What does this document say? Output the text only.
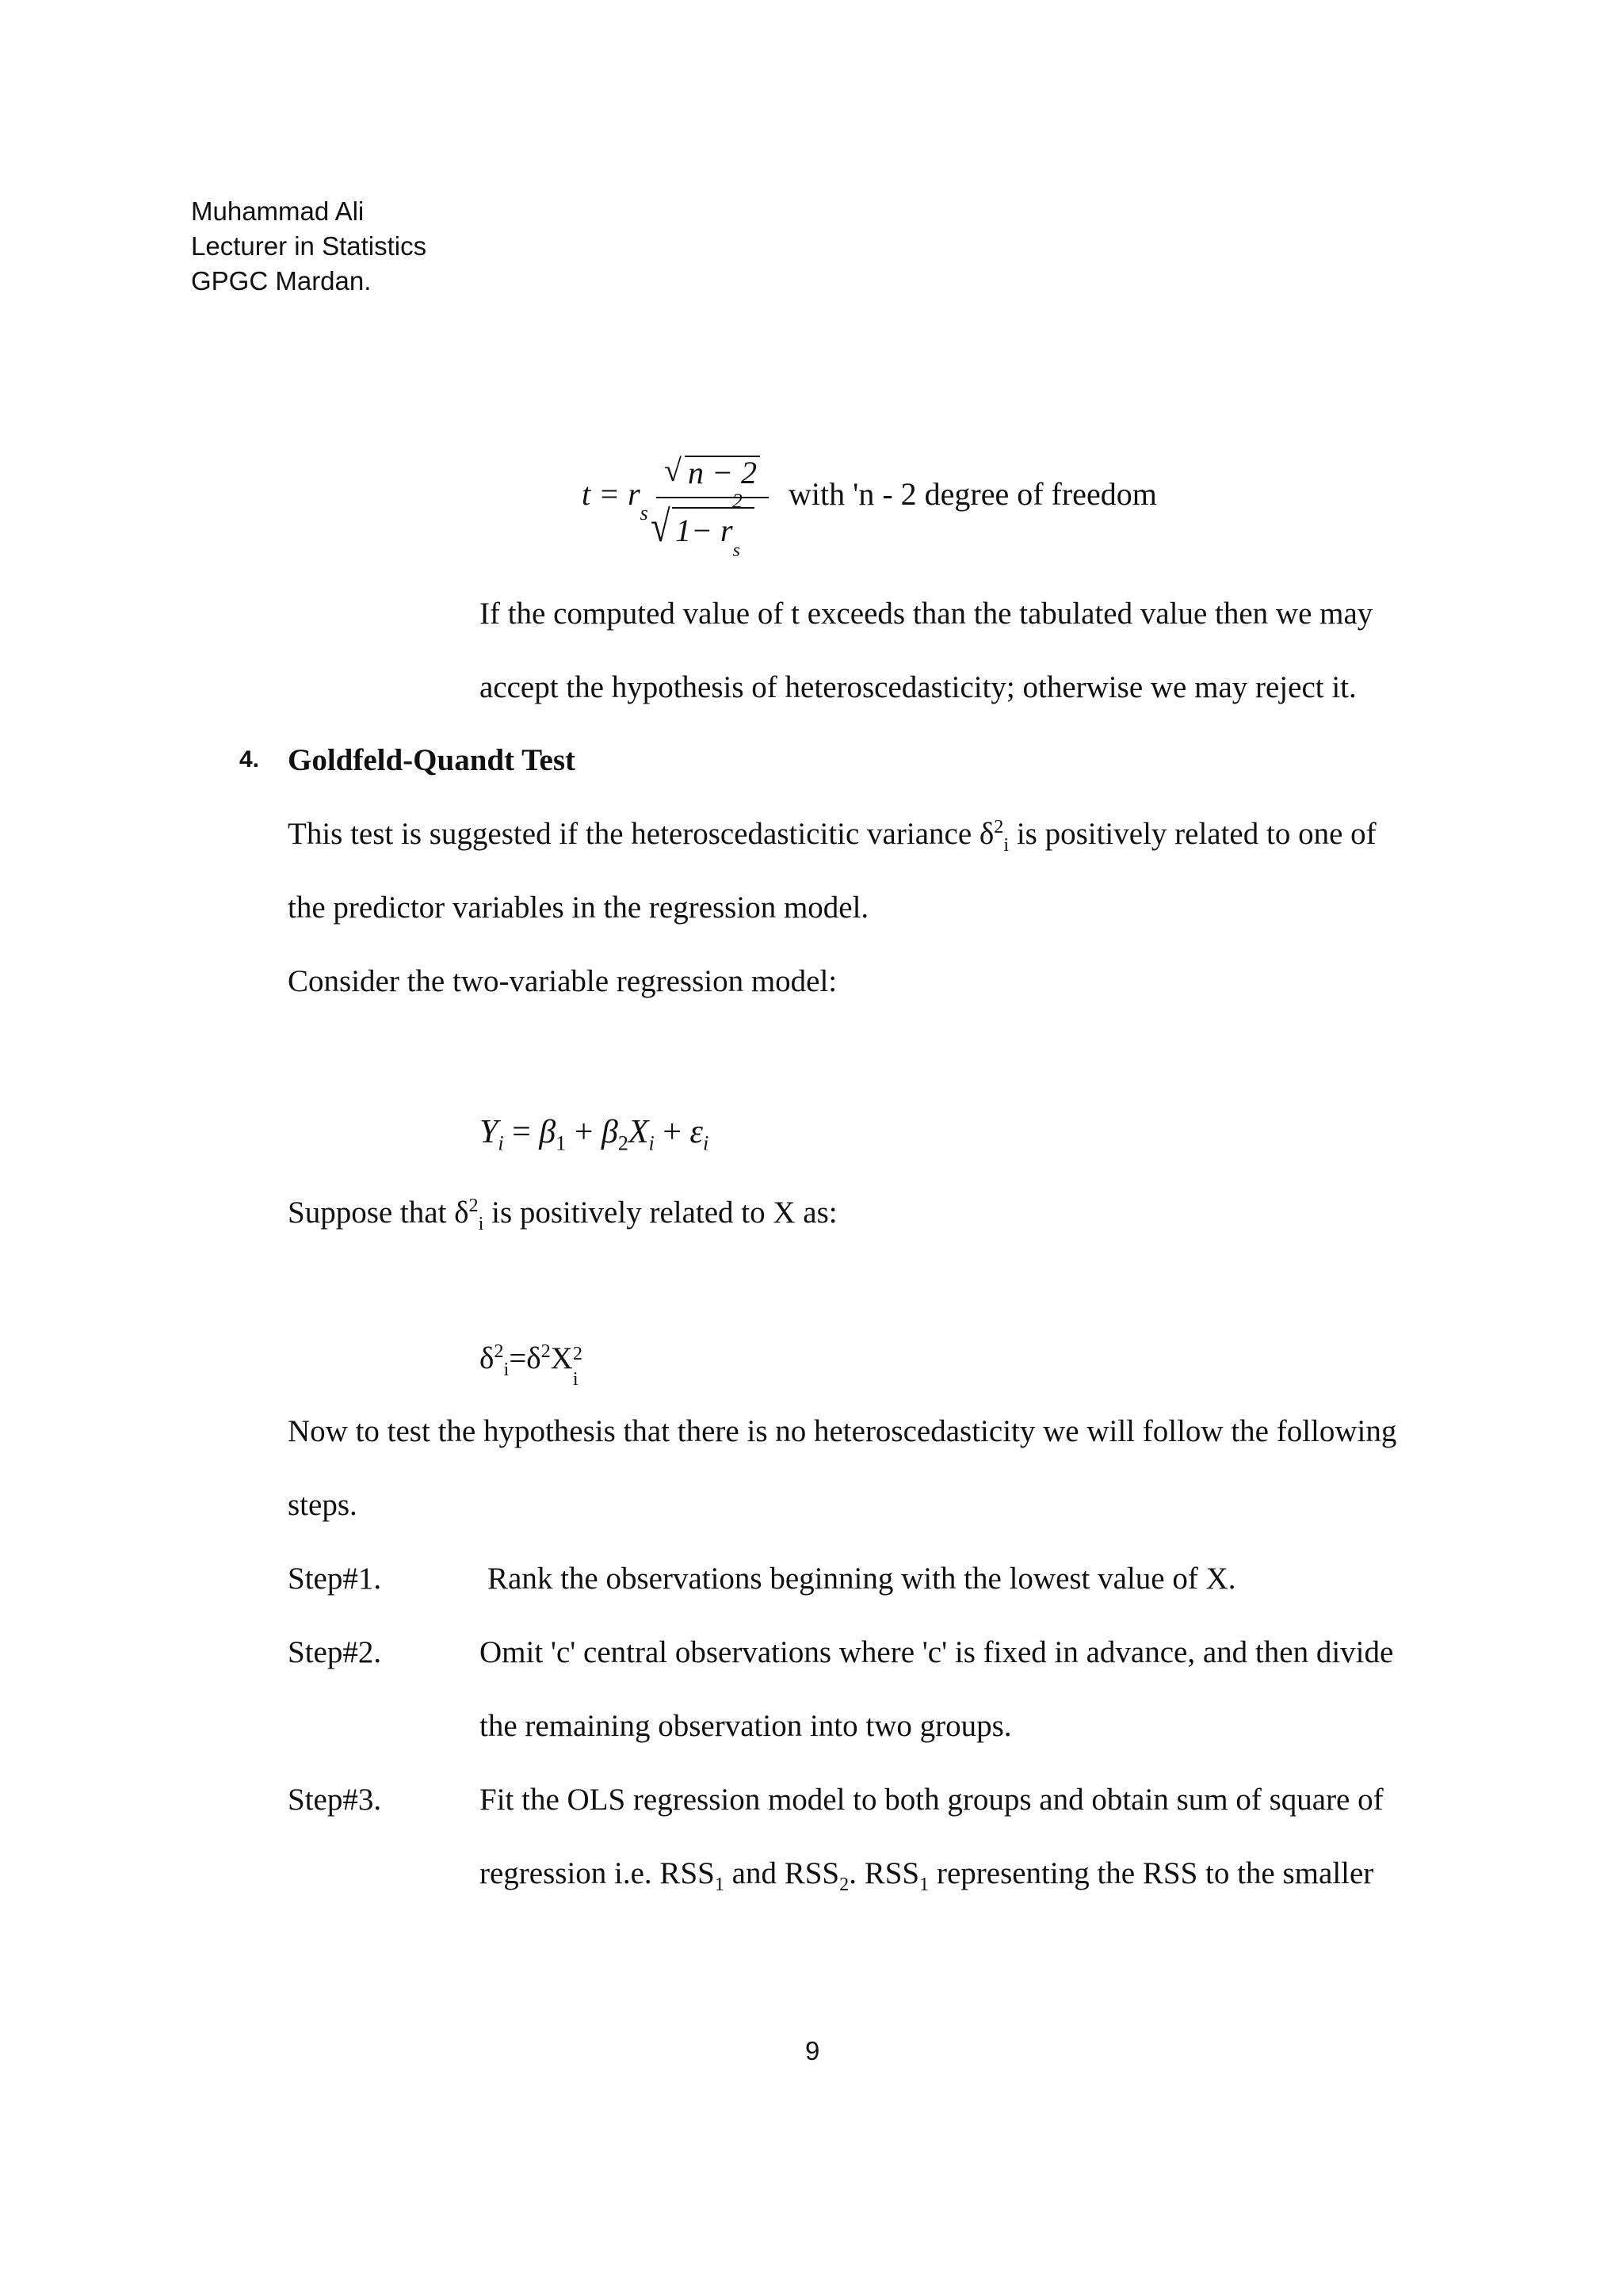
Muhammad Ali
Lecturer in Statistics
GPGC Mardan.
$t = r_s$
√ n − 2
√ $1- r_s^2$ with 'n - 2 degree of freedom
If the computed value of t exceeds than the tabulated value then we may
accept the hypothesis of heteroscedasticity; otherwise we may reject it.
4. Goldfeld-Quandt Test
This test is suggested if the heteroscedasticitic variance $\delta^2_i$ is positively related to one of
the predictor variables in the regression model.
Consider the two-variable regression model:
$Y_i = \beta_1 + \beta_2X_i + \varepsilon_i$
Suppose that $\delta^2_i$ is positively related to X as:
$\delta^2_i=\delta^2X$ 2
i
Now to test the hypothesis that there is no heteroscedasticity we will follow the following
steps.
Step#1.	Rank the observations beginning with the lowest value of X.
Step#2.	Omit 'c' central observations where 'c' is fixed in advance, and then divide
the remaining observation into two groups.
Step#3.	Fit the OLS regression model to both groups and obtain sum of square of
regression i.e. $RSS_1$ and $RSS_2$. $RSS_1$ representing the RSS to the smaller
9
